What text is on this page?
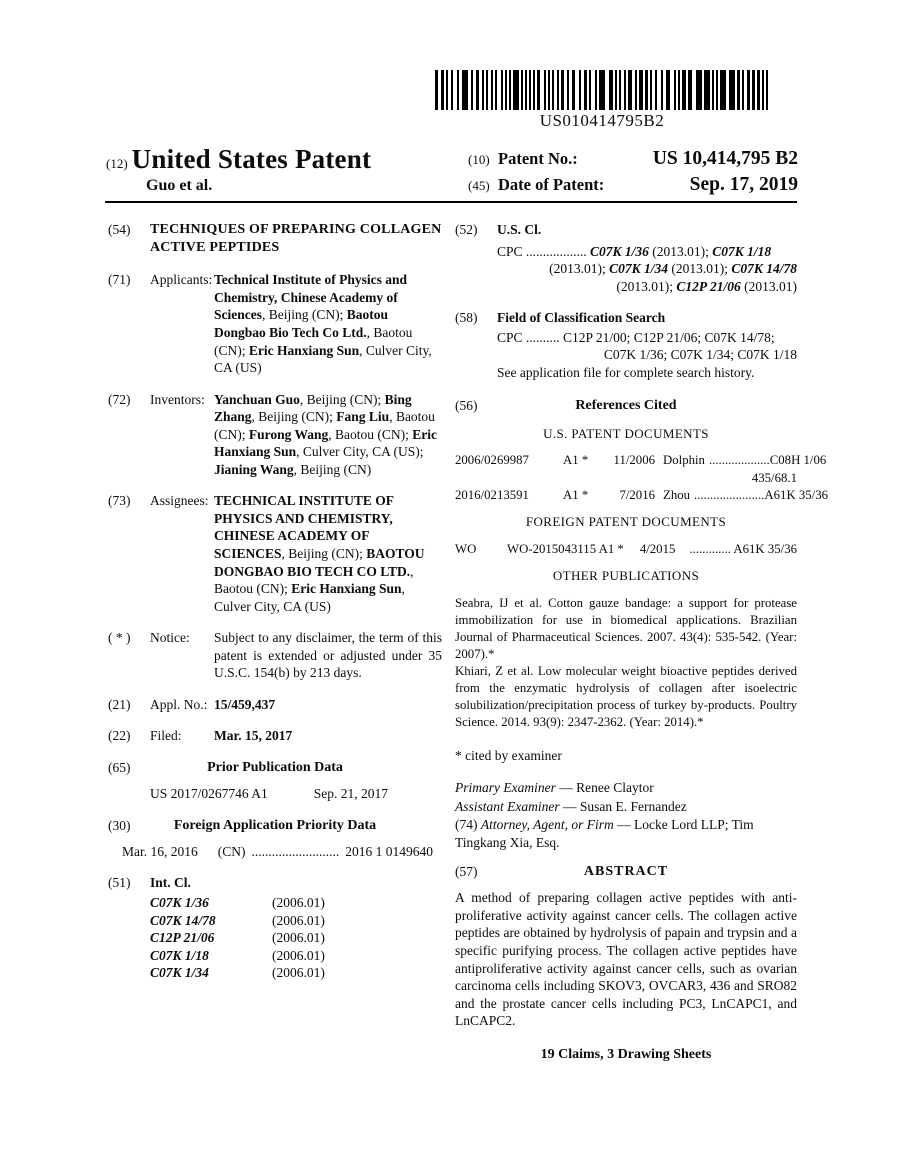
US010414795B2
(12) United States Patent
Guo et al.
(10) Patent No.:	US 10,414,795 B2
(45) Date of Patent:	Sep. 17, 2019
(54)	TECHNIQUES OF PREPARING COLLAGEN ACTIVE PEPTIDES
(71)	Applicants: Technical Institute of Physics and Chemistry, Chinese Academy of Sciences, Beijing (CN); Baotou Dongbao Bio Tech Co Ltd., Baotou (CN); Eric Hanxiang Sun, Culver City, CA (US)
(72)	Inventors: Yanchuan Guo, Beijing (CN); Bing Zhang, Beijing (CN); Fang Liu, Baotou (CN); Furong Wang, Baotou (CN); Eric Hanxiang Sun, Culver City, CA (US); Jianing Wang, Beijing (CN)
(73)	Assignees: TECHNICAL INSTITUTE OF PHYSICS AND CHEMISTRY, CHINESE ACADEMY OF SCIENCES, Beijing (CN); BAOTOU DONGBAO BIO TECH CO LTD., Baotou (CN); Eric Hanxiang Sun, Culver City, CA (US)
( * )	Notice:	Subject to any disclaimer, the term of this patent is extended or adjusted under 35 U.S.C. 154(b) by 213 days.
(21)	Appl. No.: 15/459,437
(22)	Filed:	Mar. 15, 2017
(65)	Prior Publication Data
US 2017/0267746 A1	Sep. 21, 2017
(30)	Foreign Application Priority Data
Mar. 16, 2016 (CN) .......................... 2016 1 0149640
(51)	Int. Cl.
C07K 1/36	(2006.01)
C07K 14/78	(2006.01)
C12P 21/06	(2006.01)
C07K 1/18	(2006.01)
C07K 1/34	(2006.01)
(52)	U.S. Cl.
CPC .................. C07K 1/36 (2013.01); C07K 1/18
(2013.01); C07K 1/34 (2013.01); C07K 14/78
(2013.01); C12P 21/06 (2013.01)
(58)	Field of Classification Search
CPC .......... C12P 21/00; C12P 21/06; C07K 14/78;
C07K 1/36; C07K 1/34; C07K 1/18
See application file for complete search history.
(56)	References Cited
U.S. PATENT DOCUMENTS
2006/0269987	A1 *	11/2006 Dolphin ................... C08H 1/06
435/68.1
2016/0213591	A1 *	7/2016 Zhou ...................... A61K 35/36
FOREIGN PATENT DOCUMENTS
WO	WO-2015043115 A1 * 4/2015 ............. A61K 35/36
OTHER PUBLICATIONS

Seabra, IJ et al. Cotton gauze bandage: a support for protease immobilization for use in biomedical applications. Brazilian Journal of Pharmaceutical Sciences. 2007. 43(4): 535-542. (Year: 2007).*

Khiari, Z et al. Low molecular weight bioactive peptides derived from the enzymatic hydrolysis of collagen after isoelectric solubilization/precipitation process of turkey by-products. Poultry Science. 2014. 93(9): 2347-2362. (Year: 2014).*

* cited by examiner
Primary Examiner — Renee Claytor
Assistant Examiner — Susan E. Fernandez
(74) Attorney, Agent, or Firm — Locke Lord LLP; Tim Tingkang Xia, Esq.
(57)	ABSTRACT
A method of preparing collagen active peptides with anti-proliferative activity against cancer cells. The collagen active peptides are obtained by hydrolysis of papain and trypsin and a specific purifying process. The collagen active peptides have antiproliferative activity against cancer cells, such as ovarian carcinoma cells including SKOV3, OVCAR3, 436 and SRO82 and the prostate cancer cells including PC3, LnCAPC1, and LnCAPC2.
19 Claims, 3 Drawing Sheets
